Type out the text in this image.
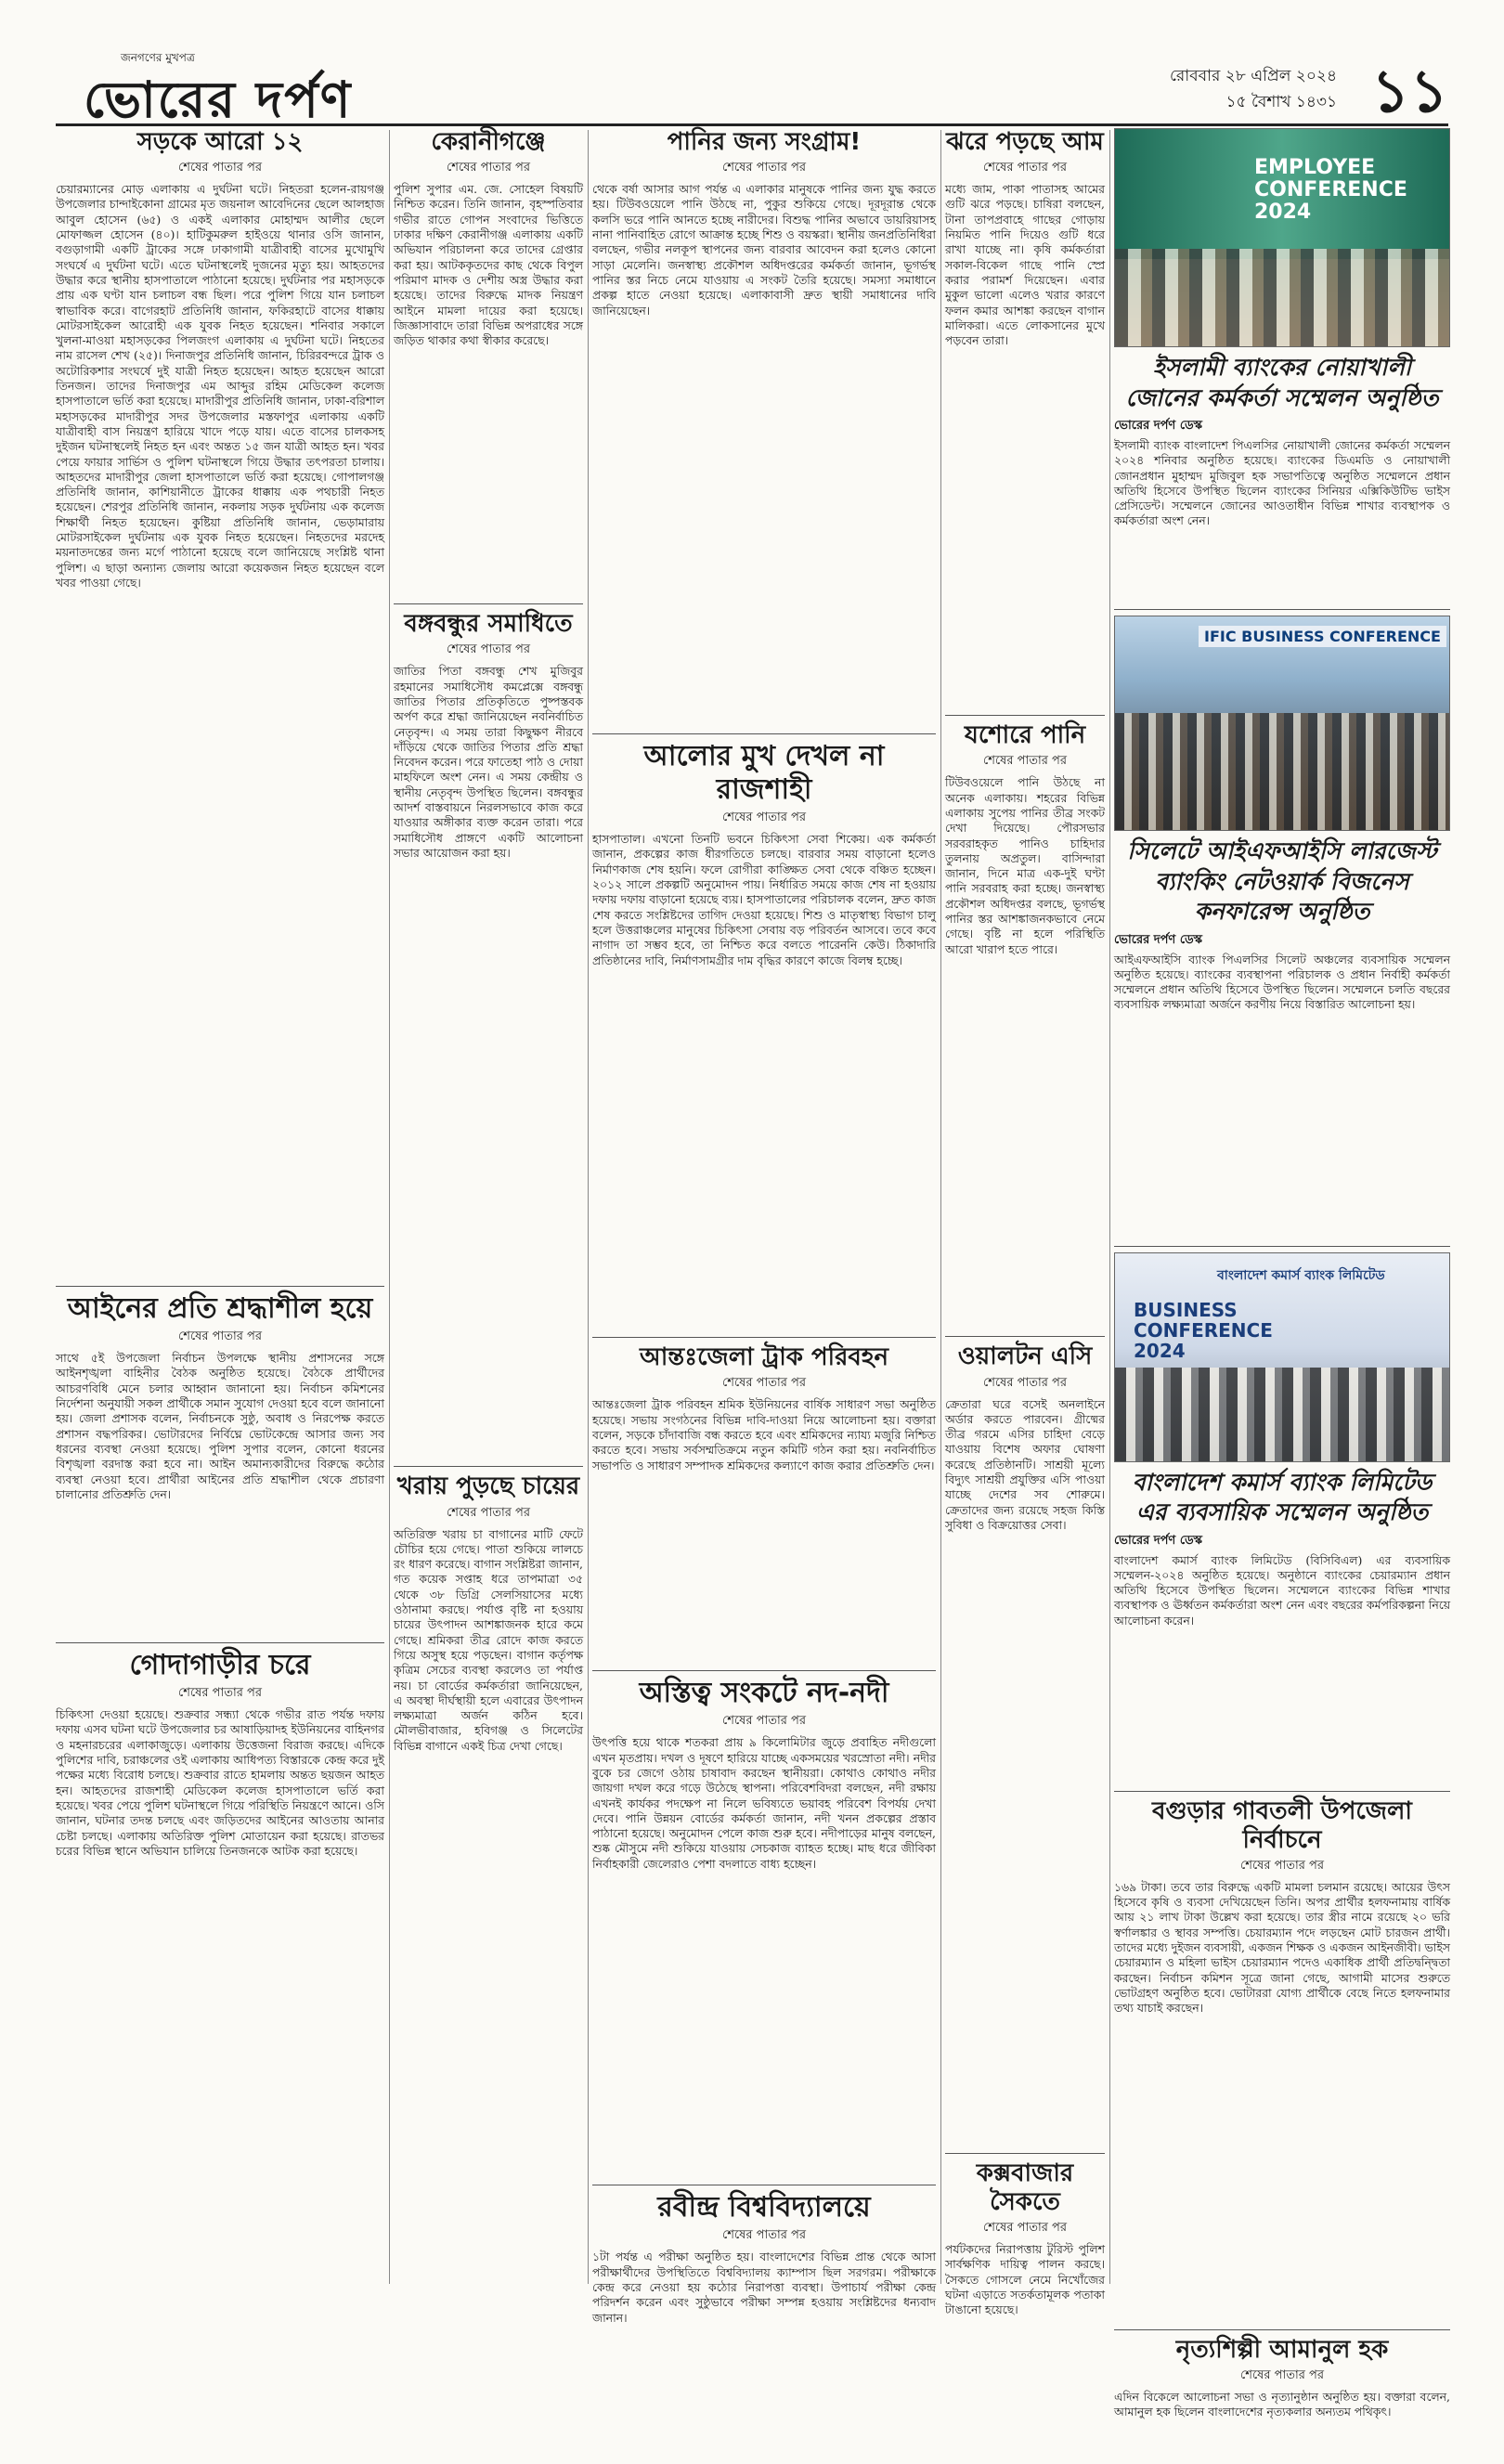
জনগণের মুখপত্র
ভোরের দর্পণ	রোববার ২৮ এপ্রিল ২০২৪
১৫ বৈশাখ ১৪৩১ ১১
সড়কে আরো ১২
শেষের পাতার পর
চেয়ারম্যানের মোড় এলাকায় এ দুর্ঘটনা ঘটে। নিহতরা হলেন-রায়গঞ্জ উপজেলার চান্দাইকোনা গ্রামের মৃত জয়নাল আবেদিনের ছেলে আলহাজ আবুল হোসেন (৬৫) ও একই এলাকার মোহাম্মদ আলীর ছেলে মোফাজ্জল হোসেন (৪০)। হাটিকুমরুল হাইওয়ে থানার ওসি জানান, বগুড়াগামী একটি ট্রাকের সঙ্গে ঢাকাগামী যাত্রীবাহী বাসের মুখোমুখি সংঘর্ষে এ দুর্ঘটনা ঘটে। এতে ঘটনাস্থলেই দুজনের মৃত্যু হয়। আহতদের উদ্ধার করে স্থানীয় হাসপাতালে পাঠানো হয়েছে। দুর্ঘটনার পর মহাসড়কে প্রায় এক ঘণ্টা যান চলাচল বন্ধ ছিল। পরে পুলিশ গিয়ে যান চলাচল স্বাভাবিক করে। বাগেরহাট প্রতিনিধি জানান, ফকিরহাটে বাসের ধাক্কায় মোটরসাইকেল আরোহী এক যুবক নিহত হয়েছেন। শনিবার সকালে খুলনা-মাওয়া মহাসড়কের পিলজংগ এলাকায় এ দুর্ঘটনা ঘটে। নিহতের নাম রাসেল শেখ (২৫)। দিনাজপুর প্রতিনিধি জানান, চিরিরবন্দরে ট্রাক ও অটোরিকশার সংঘর্ষে দুই যাত্রী নিহত হয়েছেন। আহত হয়েছেন আরো তিনজন। তাদের দিনাজপুর এম আব্দুর রহিম মেডিকেল কলেজ হাসপাতালে ভর্তি করা হয়েছে। মাদারীপুর প্রতিনিধি জানান, ঢাকা-বরিশাল মহাসড়কের মাদারীপুর সদর উপজেলার মস্তফাপুর এলাকায় একটি যাত্রীবাহী বাস নিয়ন্ত্রণ হারিয়ে খাদে পড়ে যায়। এতে বাসের চালকসহ দুইজন ঘটনাস্থলেই নিহত হন এবং অন্তত ১৫ জন যাত্রী আহত হন। খবর পেয়ে ফায়ার সার্ভিস ও পুলিশ ঘটনাস্থলে গিয়ে উদ্ধার তৎপরতা চালায়। আহতদের মাদারীপুর জেলা হাসপাতালে ভর্তি করা হয়েছে। গোপালগঞ্জ প্রতিনিধি জানান, কাশিয়ানীতে ট্রাকের ধাক্কায় এক পথচারী নিহত হয়েছেন। শেরপুর প্রতিনিধি জানান, নকলায় সড়ক দুর্ঘটনায় এক কলেজ শিক্ষার্থী নিহত হয়েছেন। কুষ্টিয়া প্রতিনিধি জানান, ভেড়ামারায় মোটরসাইকেল দুর্ঘটনায় এক যুবক নিহত হয়েছেন। নিহতদের মরদেহ ময়নাতদন্তের জন্য মর্গে পাঠানো হয়েছে বলে জানিয়েছে সংশ্লিষ্ট থানা পুলিশ। এ ছাড়া অন্যান্য জেলায় আরো কয়েকজন নিহত হয়েছেন বলে খবর পাওয়া গেছে।
আইনের প্রতি শ্রদ্ধাশীল হয়ে
শেষের পাতার পর
সাথে ৫ই উপজেলা নির্বাচন উপলক্ষে স্থানীয় প্রশাসনের সঙ্গে আইনশৃঙ্খলা বাহিনীর বৈঠক অনুষ্ঠিত হয়েছে। বৈঠকে প্রার্থীদের আচরণবিধি মেনে চলার আহ্বান জানানো হয়। নির্বাচন কমিশনের নির্দেশনা অনুযায়ী সকল প্রার্থীকে সমান সুযোগ দেওয়া হবে বলে জানানো হয়। জেলা প্রশাসক বলেন, নির্বাচনকে সুষ্ঠু, অবাধ ও নিরপেক্ষ করতে প্রশাসন বদ্ধপরিকর। ভোটারদের নির্বিঘ্নে ভোটকেন্দ্রে আসার জন্য সব ধরনের ব্যবস্থা নেওয়া হয়েছে। পুলিশ সুপার বলেন, কোনো ধরনের বিশৃঙ্খলা বরদাস্ত করা হবে না। আইন অমান্যকারীদের বিরুদ্ধে কঠোর ব্যবস্থা নেওয়া হবে। প্রার্থীরা আইনের প্রতি শ্রদ্ধাশীল থেকে প্রচারণা চালানোর প্রতিশ্রুতি দেন।
গোদাগাড়ীর চরে
শেষের পাতার পর
চিকিৎসা দেওয়া হয়েছে। শুক্রবার সন্ধ্যা থেকে গভীর রাত পর্যন্ত দফায় দফায় এসব ঘটনা ঘটে উপজেলার চর আষাড়িয়াদহ ইউনিয়নের বাহিনগর ও মহনারচরের এলাকাজুড়ে। এলাকায় উত্তেজনা বিরাজ করছে। এদিকে পুলিশের দাবি, চরাঞ্চলের ওই এলাকায় আধিপত্য বিস্তারকে কেন্দ্র করে দুই পক্ষের মধ্যে বিরোধ চলছে। শুক্রবার রাতে হামলায় অন্তত ছয়জন আহত হন। আহতদের রাজশাহী মেডিকেল কলেজ হাসপাতালে ভর্তি করা হয়েছে। খবর পেয়ে পুলিশ ঘটনাস্থলে গিয়ে পরিস্থিতি নিয়ন্ত্রণে আনে। ওসি জানান, ঘটনার তদন্ত চলছে এবং জড়িতদের আইনের আওতায় আনার চেষ্টা চলছে। এলাকায় অতিরিক্ত পুলিশ মোতায়েন করা হয়েছে। রাতভর চরের বিভিন্ন স্থানে অভিযান চালিয়ে তিনজনকে আটক করা হয়েছে।
কেরানীগঞ্জে
শেষের পাতার পর
পুলিশ সুপার এম. জে. সোহেল বিষয়টি নিশ্চিত করেন। তিনি জানান, বৃহস্পতিবার গভীর রাতে গোপন সংবাদের ভিত্তিতে ঢাকার দক্ষিণ কেরানীগঞ্জ এলাকায় একটি অভিযান পরিচালনা করে তাদের গ্রেপ্তার করা হয়। আটককৃতদের কাছ থেকে বিপুল পরিমাণ মাদক ও দেশীয় অস্ত্র উদ্ধার করা হয়েছে। তাদের বিরুদ্ধে মাদক নিয়ন্ত্রণ আইনে মামলা দায়ের করা হয়েছে। জিজ্ঞাসাবাদে তারা বিভিন্ন অপরাধের সঙ্গে জড়িত থাকার কথা স্বীকার করেছে।
বঙ্গবন্ধুর সমাধিতে
শেষের পাতার পর
জাতির পিতা বঙ্গবন্ধু শেখ মুজিবুর রহমানের সমাধিসৌধ কমপ্লেক্সে বঙ্গবন্ধু জাতির পিতার প্রতিকৃতিতে পুষ্পস্তবক অর্পণ করে শ্রদ্ধা জানিয়েছেন নবনির্বাচিত নেতৃবৃন্দ। এ সময় তারা কিছুক্ষণ নীরবে দাঁড়িয়ে থেকে জাতির পিতার প্রতি শ্রদ্ধা নিবেদন করেন। পরে ফাতেহা পাঠ ও দোয়া মাহফিলে অংশ নেন। এ সময় কেন্দ্রীয় ও স্থানীয় নেতৃবৃন্দ উপস্থিত ছিলেন। বঙ্গবন্ধুর আদর্শ বাস্তবায়নে নিরলসভাবে কাজ করে যাওয়ার অঙ্গীকার ব্যক্ত করেন তারা। পরে সমাধিসৌধ প্রাঙ্গণে একটি আলোচনা সভার আয়োজন করা হয়।
খরায় পুড়ছে চায়ের
শেষের পাতার পর
অতিরিক্ত খরায় চা বাগানের মাটি ফেটে চৌচির হয়ে গেছে। পাতা শুকিয়ে লালচে রং ধারণ করেছে। বাগান সংশ্লিষ্টরা জানান, গত কয়েক সপ্তাহ ধরে তাপমাত্রা ৩৫ থেকে ৩৮ ডিগ্রি সেলসিয়াসের মধ্যে ওঠানামা করছে। পর্যাপ্ত বৃষ্টি না হওয়ায় চায়ের উৎপাদন আশঙ্কাজনক হারে কমে গেছে। শ্রমিকরা তীব্র রোদে কাজ করতে গিয়ে অসুস্থ হয়ে পড়ছেন। বাগান কর্তৃপক্ষ কৃত্রিম সেচের ব্যবস্থা করলেও তা পর্যাপ্ত নয়। চা বোর্ডের কর্মকর্তারা জানিয়েছেন, এ অবস্থা দীর্ঘস্থায়ী হলে এবারের উৎপাদন লক্ষ্যমাত্রা অর্জন কঠিন হবে। মৌলভীবাজার, হবিগঞ্জ ও সিলেটের বিভিন্ন বাগানে একই চিত্র দেখা গেছে।
পানির জন্য সংগ্রাম!
শেষের পাতার পর
থেকে বর্ষা আসার আগ পর্যন্ত এ এলাকার মানুষকে পানির জন্য যুদ্ধ করতে হয়। টিউবওয়েলে পানি উঠছে না, পুকুর শুকিয়ে গেছে। দূরদূরান্ত থেকে কলসি ভরে পানি আনতে হচ্ছে নারীদের। বিশুদ্ধ পানির অভাবে ডায়রিয়াসহ নানা পানিবাহিত রোগে আক্রান্ত হচ্ছে শিশু ও বয়স্করা। স্থানীয় জনপ্রতিনিধিরা বলছেন, গভীর নলকূপ স্থাপনের জন্য বারবার আবেদন করা হলেও কোনো সাড়া মেলেনি। জনস্বাস্থ্য প্রকৌশল অধিদপ্তরের কর্মকর্তা জানান, ভূগর্ভস্থ পানির স্তর নিচে নেমে যাওয়ায় এ সংকট তৈরি হয়েছে। সমস্যা সমাধানে প্রকল্প হাতে নেওয়া হয়েছে। এলাকাবাসী দ্রুত স্থায়ী সমাধানের দাবি জানিয়েছেন।
আলোর মুখ দেখল না রাজশাহী
শেষের পাতার পর
হাসপাতাল। এখনো তিনটি ভবনে চিকিৎসা সেবা শিকেয়। এক কর্মকর্তা জানান, প্রকল্পের কাজ ধীরগতিতে চলছে। বারবার সময় বাড়ানো হলেও নির্মাণকাজ শেষ হয়নি। ফলে রোগীরা কাঙ্ক্ষিত সেবা থেকে বঞ্চিত হচ্ছেন। ২০১২ সালে প্রকল্পটি অনুমোদন পায়। নির্ধারিত সময়ে কাজ শেষ না হওয়ায় দফায় দফায় বাড়ানো হয়েছে ব্যয়। হাসপাতালের পরিচালক বলেন, দ্রুত কাজ শেষ করতে সংশ্লিষ্টদের তাগিদ দেওয়া হয়েছে। শিশু ও মাতৃস্বাস্থ্য বিভাগ চালু হলে উত্তরাঞ্চলের মানুষের চিকিৎসা সেবায় বড় পরিবর্তন আসবে। তবে কবে নাগাদ তা সম্ভব হবে, তা নিশ্চিত করে বলতে পারেননি কেউ। ঠিকাদারি প্রতিষ্ঠানের দাবি, নির্মাণসামগ্রীর দাম বৃদ্ধির কারণে কাজে বিলম্ব হচ্ছে।
আন্তঃজেলা ট্রাক পরিবহন
শেষের পাতার পর
আন্তঃজেলা ট্রাক পরিবহন শ্রমিক ইউনিয়নের বার্ষিক সাধারণ সভা অনুষ্ঠিত হয়েছে। সভায় সংগঠনের বিভিন্ন দাবি-দাওয়া নিয়ে আলোচনা হয়। বক্তারা বলেন, সড়কে চাঁদাবাজি বন্ধ করতে হবে এবং শ্রমিকদের ন্যায্য মজুরি নিশ্চিত করতে হবে। সভায় সর্বসম্মতিক্রমে নতুন কমিটি গঠন করা হয়। নবনির্বাচিত সভাপতি ও সাধারণ সম্পাদক শ্রমিকদের কল্যাণে কাজ করার প্রতিশ্রুতি দেন।
অস্তিত্ব সংকটে নদ-নদী
শেষের পাতার পর
উৎপত্তি হয়ে থাকে শতকরা প্রায় ৯ কিলোমিটার জুড়ে প্রবাহিত নদীগুলো এখন মৃতপ্রায়। দখল ও দূষণে হারিয়ে যাচ্ছে একসময়ের খরস্রোতা নদী। নদীর বুকে চর জেগে ওঠায় চাষাবাদ করছেন স্থানীয়রা। কোথাও কোথাও নদীর জায়গা দখল করে গড়ে উঠেছে স্থাপনা। পরিবেশবিদরা বলছেন, নদী রক্ষায় এখনই কার্যকর পদক্ষেপ না নিলে ভবিষ্যতে ভয়াবহ পরিবেশ বিপর্যয় দেখা দেবে। পানি উন্নয়ন বোর্ডের কর্মকর্তা জানান, নদী খনন প্রকল্পের প্রস্তাব পাঠানো হয়েছে। অনুমোদন পেলে কাজ শুরু হবে। নদীপাড়ের মানুষ বলছেন, শুষ্ক মৌসুমে নদী শুকিয়ে যাওয়ায় সেচকাজ ব্যাহত হচ্ছে। মাছ ধরে জীবিকা নির্বাহকারী জেলেরাও পেশা বদলাতে বাধ্য হচ্ছেন।
রবীন্দ্র বিশ্ববিদ্যালয়ে
শেষের পাতার পর
১টা পর্যন্ত এ পরীক্ষা অনুষ্ঠিত হয়। বাংলাদেশের বিভিন্ন প্রান্ত থেকে আসা পরীক্ষার্থীদের উপস্থিতিতে বিশ্ববিদ্যালয় ক্যাম্পাস ছিল সরগরম। পরীক্ষাকে কেন্দ্র করে নেওয়া হয় কঠোর নিরাপত্তা ব্যবস্থা। উপাচার্য পরীক্ষা কেন্দ্র পরিদর্শন করেন এবং সুষ্ঠুভাবে পরীক্ষা সম্পন্ন হওয়ায় সংশ্লিষ্টদের ধন্যবাদ জানান।
ঝরে পড়ছে আম
শেষের পাতার পর
মধ্যে জাম, পাকা পাতাসহ আমের গুটি ঝরে পড়ছে। চাষিরা বলছেন, টানা তাপপ্রবাহে গাছের গোড়ায় নিয়মিত পানি দিয়েও গুটি ধরে রাখা যাচ্ছে না। কৃষি কর্মকর্তারা সকাল-বিকেল গাছে পানি স্প্রে করার পরামর্শ দিয়েছেন। এবার মুকুল ভালো এলেও খরার কারণে ফলন কমার আশঙ্কা করছেন বাগান মালিকরা। এতে লোকসানের মুখে পড়বেন তারা।
যশোরে পানি
শেষের পাতার পর
টিউবওয়েলে পানি উঠছে না অনেক এলাকায়। শহরের বিভিন্ন এলাকায় সুপেয় পানির তীব্র সংকট দেখা দিয়েছে। পৌরসভার সরবরাহকৃত পানিও চাহিদার তুলনায় অপ্রতুল। বাসিন্দারা জানান, দিনে মাত্র এক-দুই ঘণ্টা পানি সরবরাহ করা হচ্ছে। জনস্বাস্থ্য প্রকৌশল অধিদপ্তর বলছে, ভূগর্ভস্থ পানির স্তর আশঙ্কাজনকভাবে নেমে গেছে। বৃষ্টি না হলে পরিস্থিতি আরো খারাপ হতে পারে।
ওয়ালটন এসি
শেষের পাতার পর
ক্রেতারা ঘরে বসেই অনলাইনে অর্ডার করতে পারবেন। গ্রীষ্মের তীব্র গরমে এসির চাহিদা বেড়ে যাওয়ায় বিশেষ অফার ঘোষণা করেছে প্রতিষ্ঠানটি। সাশ্রয়ী মূল্যে বিদ্যুৎ সাশ্রয়ী প্রযুক্তির এসি পাওয়া যাচ্ছে দেশের সব শোরুমে। ক্রেতাদের জন্য রয়েছে সহজ কিস্তি সুবিধা ও বিক্রয়োত্তর সেবা।
কক্সবাজার সৈকতে
শেষের পাতার পর
পর্যটকদের নিরাপত্তায় টুরিস্ট পুলিশ সার্বক্ষণিক দায়িত্ব পালন করছে। সৈকতে গোসলে নেমে নিখোঁজের ঘটনা এড়াতে সতর্কতামূলক পতাকা টাঙানো হয়েছে।
EMPLOYEE CONFERENCE 2024
ইসলামী ব্যাংকের নোয়াখালী জোনের কর্মকর্তা সম্মেলন অনুষ্ঠিত
ভোরের দর্পণ ডেস্ক
ইসলামী ব্যাংক বাংলাদেশ পিএলসির নোয়াখালী জোনের কর্মকর্তা সম্মেলন ২০২৪ শনিবার অনুষ্ঠিত হয়েছে। ব্যাংকের ডিএমডি ও নোয়াখালী জোনপ্রধান মুহাম্মদ মুজিবুল হক সভাপতিত্বে অনুষ্ঠিত সম্মেলনে প্রধান অতিথি হিসেবে উপস্থিত ছিলেন ব্যাংকের সিনিয়র এক্সিকিউটিভ ভাইস প্রেসিডেন্ট। সম্মেলনে জোনের আওতাধীন বিভিন্ন শাখার ব্যবস্থাপক ও কর্মকর্তারা অংশ নেন।
IFIC BUSINESS CONFERENCE
সিলেটে আইএফআইসি লারজেস্ট ব্যাংকিং নেটওয়ার্ক বিজনেস কনফারেন্স অনুষ্ঠিত
ভোরের দর্পণ ডেস্ক
আইএফআইসি ব্যাংক পিএলসির সিলেট অঞ্চলের ব্যবসায়িক সম্মেলন অনুষ্ঠিত হয়েছে। ব্যাংকের ব্যবস্থাপনা পরিচালক ও প্রধান নির্বাহী কর্মকর্তা সম্মেলনে প্রধান অতিথি হিসেবে উপস্থিত ছিলেন। সম্মেলনে চলতি বছরের ব্যবসায়িক লক্ষ্যমাত্রা অর্জনে করণীয় নিয়ে বিস্তারিত আলোচনা হয়।
বাংলাদেশ কমার্স ব্যাংক লিমিটেড
BUSINESS CONFERENCE 2024
বাংলাদেশ কমার্স ব্যাংক লিমিটেড এর ব্যবসায়িক সম্মেলন অনুষ্ঠিত
ভোরের দর্পণ ডেস্ক
বাংলাদেশ কমার্স ব্যাংক লিমিটেড (বিসিবিএল) এর ব্যবসায়িক সম্মেলন-২০২৪ অনুষ্ঠিত হয়েছে। অনুষ্ঠানে ব্যাংকের চেয়ারম্যান প্রধান অতিথি হিসেবে উপস্থিত ছিলেন। সম্মেলনে ব্যাংকের বিভিন্ন শাখার ব্যবস্থাপক ও ঊর্ধ্বতন কর্মকর্তারা অংশ নেন এবং বছরের কর্মপরিকল্পনা নিয়ে আলোচনা করেন।
বগুড়ার গাবতলী উপজেলা নির্বাচনে
শেষের পাতার পর
১৬৯ টাকা। তবে তার বিরুদ্ধে একটি মামলা চলমান রয়েছে। আয়ের উৎস হিসেবে কৃষি ও ব্যবসা দেখিয়েছেন তিনি। অপর প্রার্থীর হলফনামায় বার্ষিক আয় ২১ লাখ টাকা উল্লেখ করা হয়েছে। তার স্ত্রীর নামে রয়েছে ২০ ভরি স্বর্ণালঙ্কার ও স্থাবর সম্পত্তি। চেয়ারম্যান পদে লড়ছেন মোট চারজন প্রার্থী। তাদের মধ্যে দুইজন ব্যবসায়ী, একজন শিক্ষক ও একজন আইনজীবী। ভাইস চেয়ারম্যান ও মহিলা ভাইস চেয়ারম্যান পদেও একাধিক প্রার্থী প্রতিদ্বন্দ্বিতা করছেন। নির্বাচন কমিশন সূত্রে জানা গেছে, আগামী মাসের শুরুতে ভোটগ্রহণ অনুষ্ঠিত হবে। ভোটাররা যোগ্য প্রার্থীকে বেছে নিতে হলফনামার তথ্য যাচাই করছেন।
নৃত্যশিল্পী আমানুল হক
শেষের পাতার পর
এদিন বিকেলে আলোচনা সভা ও নৃত্যানুষ্ঠান অনুষ্ঠিত হয়। বক্তারা বলেন, আমানুল হক ছিলেন বাংলাদেশের নৃত্যকলার অন্যতম পথিকৃৎ।
